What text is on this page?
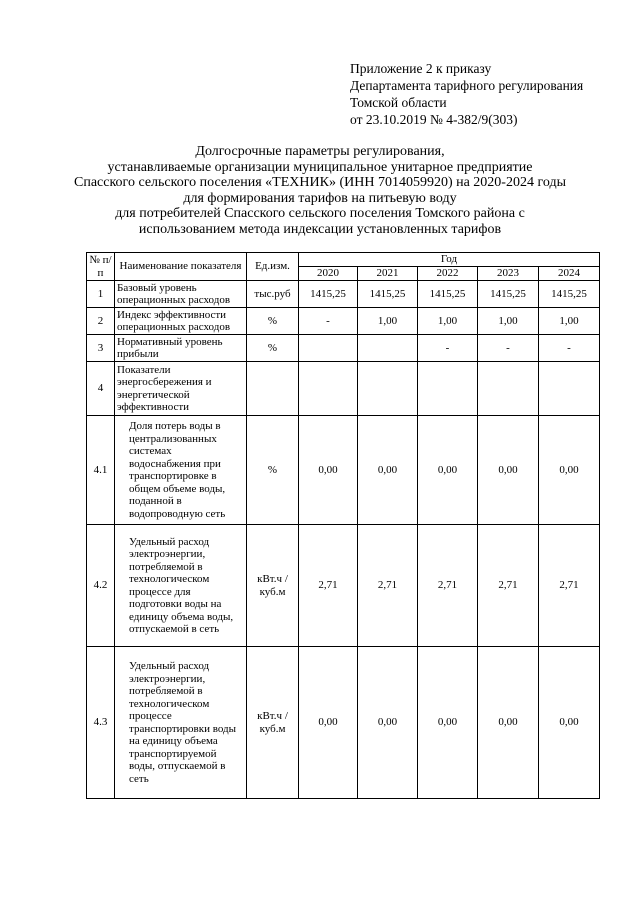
Приложение 2 к приказу
Департамента тарифного регулирования
Томской области
от 23.10.2019 № 4-382/9(303)
Долгосрочные параметры регулирования,
устанавливаемые организации муниципальное унитарное предприятие
Спасского сельского поселения «ТЕХНИК» (ИНН 7014059920) на 2020-2024 годы
для формирования тарифов на питьевую воду
для потребителей Спасского сельского поселения Томского района с
использованием метода индексации установленных тарифов
№ п/п	Наименование показателя	Ед.изм.	Год				
			2020	2021	2022	2023	2024
1	Базовый уровень операционных расходов	тыс.руб	1415,25	1415,25	1415,25	1415,25	1415,25
2	Индекс эффективности операционных расходов	%	-	1,00	1,00	1,00	1,00
3	Нормативный уровень прибыли	%			-	-	-
4	Показатели энергосбережения и энергетической эффективности						
4.1	Доля потерь воды в централизованных системах водоснабжения при транспортировке в общем объеме воды, поданной в водопроводную сеть	%	0,00	0,00	0,00	0,00	0,00
4.2	Удельный расход электроэнергии, потребляемой в технологическом процессе для подготовки воды на единицу объема воды, отпускаемой в сеть	кВт.ч / куб.м	2,71	2,71	2,71	2,71	2,71
4.3	Удельный расход электроэнергии, потребляемой в технологическом процессе транспортировки воды на единицу объема транспортируемой воды, отпускаемой в сеть	кВт.ч / куб.м	0,00	0,00	0,00	0,00	0,00
